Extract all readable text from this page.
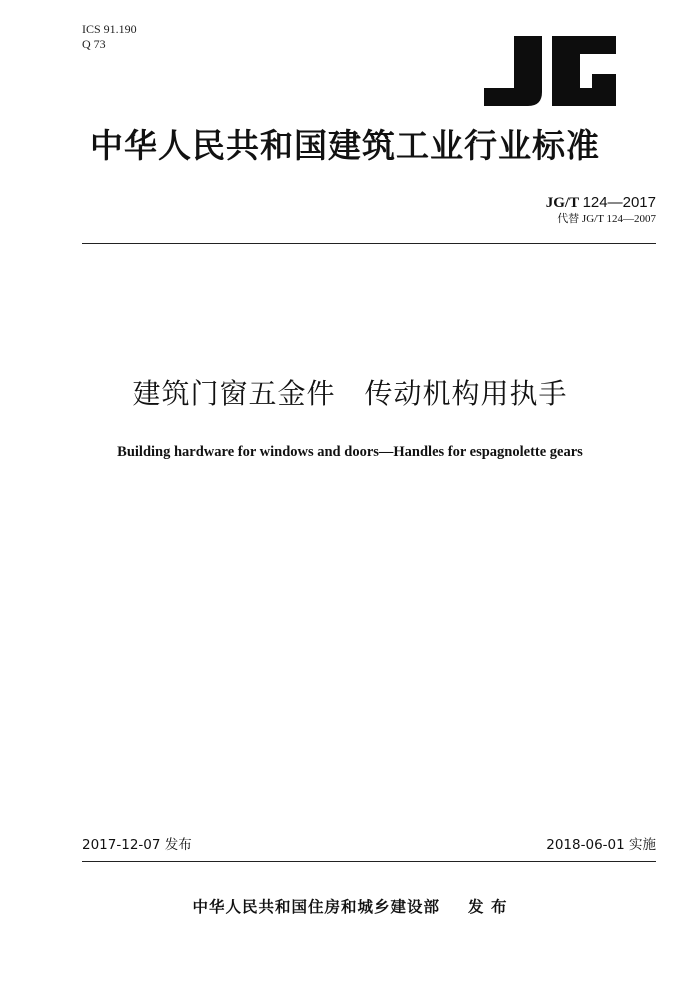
ICS 91.190
Q 73
中华人民共和国建筑工业行业标准
JG/T 124—2017
代替 JG/T 124—2007
建筑门窗五金件　传动机构用执手
Building hardware for windows and doors—Handles for espagnolette gears
2017-12-07 发布	2018-06-01 实施
中华人民共和国住房和城乡建设部 发 布
